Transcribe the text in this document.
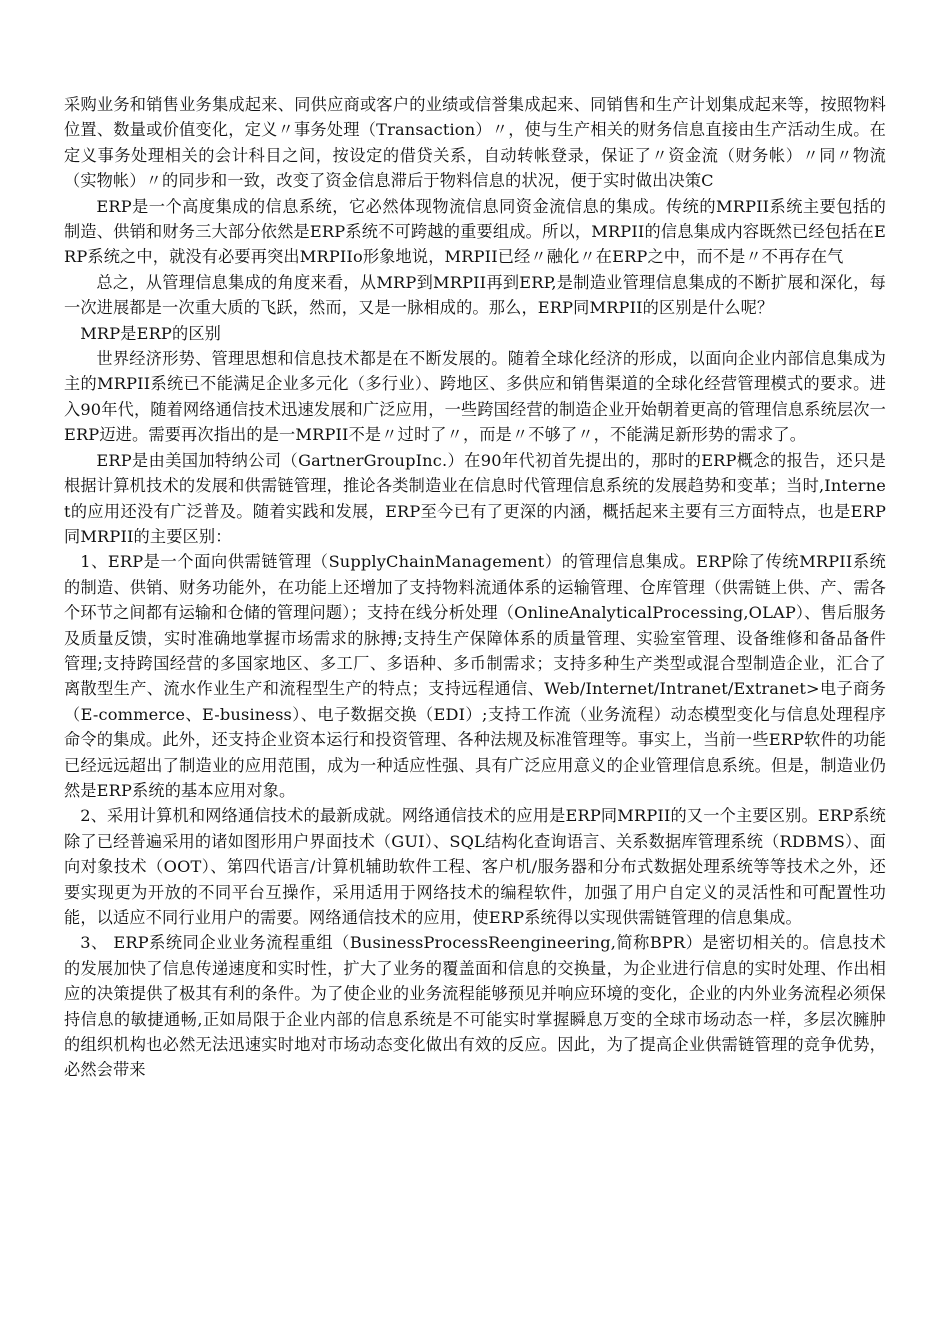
采购业务和销售业务集成起来、同供应商或客户的业绩或信誉集成起来、同销售和生产计划集成起来等，按照物料位置、数量或价值变化，定义〃事务处理（Transaction）〃，使与生产相关的财务信息直接由生产活动生成。在定义事务处理相关的会计科目之间，按设定的借贷关系，自动转帐登录，保证了〃资金流（财务帐）〃同〃物流（实物帐）〃的同步和一致，改变了资金信息滞后于物料信息的状况，便于实时做出决策C

ERP是一个高度集成的信息系统，它必然体现物流信息同资金流信息的集成。传统的MRPII系统主要包括的制造、供销和财务三大部分依然是ERP系统不可跨越的重要组成。所以，MRPII的信息集成内容既然已经包括在ERP系统之中，就没有必要再突出MRPIIo形象地说，MRPII已经〃融化〃在ERP之中，而不是〃不再存在气

总之，从管理信息集成的角度来看，从MRP到MRPII再到ERP,是制造业管理信息集成的不断扩展和深化，每一次进展都是一次重大质的飞跃，然而，又是一脉相成的。那么，ERP同MRPII的区别是什么呢？

MRP是ERP的区别

世界经济形势、管理思想和信息技术都是在不断发展的。随着全球化经济的形成，以面向企业内部信息集成为主的MRPII系统已不能满足企业多元化（多行业）、跨地区、多供应和销售渠道的全球化经营管理模式的要求。进入90年代，随着网络通信技术迅速发展和广泛应用，一些跨国经营的制造企业开始朝着更高的管理信息系统层次一ERP迈进。需要再次指出的是一MRPII不是〃过时了〃，而是〃不够了〃，不能满足新形势的需求了。

ERP是由美国加特纳公司（GartnerGroupInc.）在90年代初首先提出的，那时的ERP概念的报告，还只是根据计算机技术的发展和供需链管理，推论各类制造业在信息时代管理信息系统的发展趋势和变革；当时,Internet的应用还没有广泛普及。随着实践和发展，ERP至今已有了更深的内涵，概括起来主要有三方面特点，也是ERP同MRPII的主要区别：

1、ERP是一个面向供需链管理（SupplyChainManagement）的管理信息集成。ERP除了传统MRPII系统的制造、供销、财务功能外，在功能上还增加了支持物料流通体系的运输管理、仓库管理（供需链上供、产、需各个环节之间都有运输和仓储的管理问题）；支持在线分析处理（OnlineAnalyticalProcessing,OLAP）、售后服务及质量反馈，实时准确地掌握市场需求的脉搏;支持生产保障体系的质量管理、实验室管理、设备维修和备品备件管理;支持跨国经营的多国家地区、多工厂、多语种、多币制需求；支持多种生产类型或混合型制造企业，汇合了离散型生产、流水作业生产和流程型生产的特点；支持远程通信、Web/Internet/Intranet/Extranet>电子商务（E-commerce、E-business）、电子数据交换（EDI）;支持工作流（业务流程）动态模型变化与信息处理程序命令的集成。此外，还支持企业资本运行和投资管理、各种法规及标准管理等。事实上，当前一些ERP软件的功能已经远远超出了制造业的应用范围，成为一种适应性强、具有广泛应用意义的企业管理信息系统。但是，制造业仍然是ERP系统的基本应用对象。

2、采用计算机和网络通信技术的最新成就。网络通信技术的应用是ERP同MRPII的又一个主要区别。ERP系统除了已经普遍采用的诸如图形用户界面技术（GUI）、SQL结构化查询语言、关系数据库管理系统（RDBMS）、面向对象技术（OOT）、第四代语言/计算机辅助软件工程、客户机/服务器和分布式数据处理系统等等技术之外，还要实现更为开放的不同平台互操作，采用适用于网络技术的编程软件，加强了用户自定义的灵活性和可配置性功能，以适应不同行业用户的需要。网络通信技术的应用，使ERP系统得以实现供需链管理的信息集成。

3、 ERP系统同企业业务流程重组（BusinessProcessReengineering,简称BPR）是密切相关的。信息技术的发展加快了信息传递速度和实时性，扩大了业务的覆盖面和信息的交换量，为企业进行信息的实时处理、作出相应的决策提供了极其有利的条件。为了使企业的业务流程能够预见并响应环境的变化，企业的内外业务流程必须保持信息的敏捷通畅,正如局限于企业内部的信息系统是不可能实时掌握瞬息万变的全球市场动态一样，多层次臃肿的组织机构也必然无法迅速实时地对市场动态变化做出有效的反应。因此，为了提高企业供需链管理的竞争优势，必然会带来
